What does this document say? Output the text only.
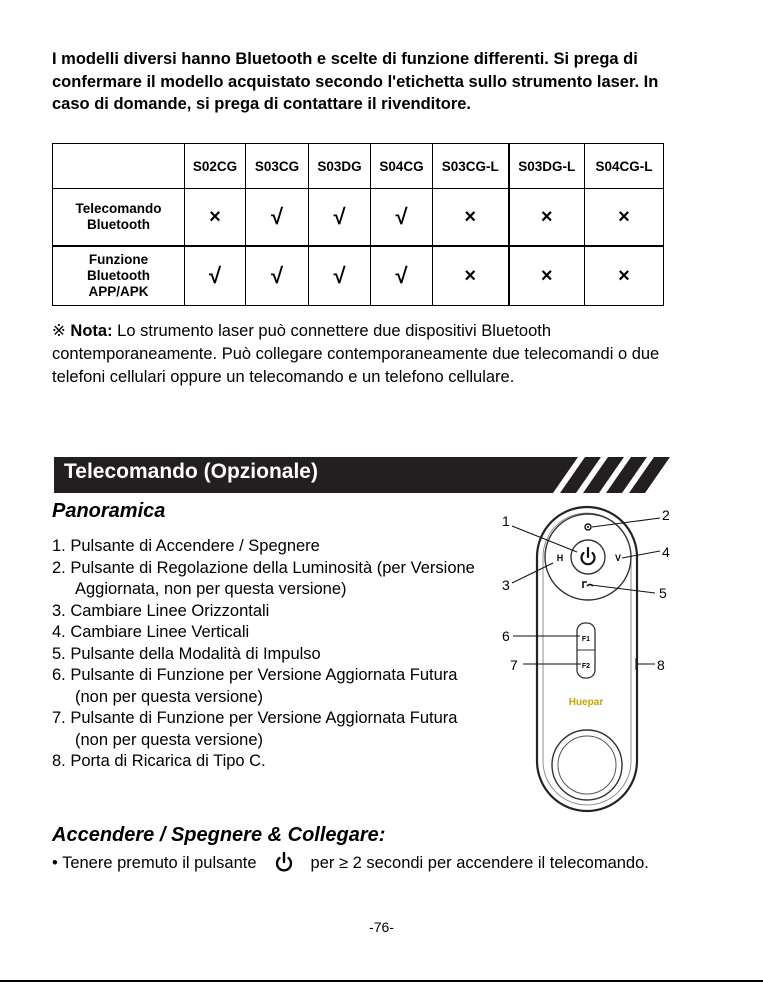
I modelli diversi hanno Bluetooth e scelte di funzione differenti. Si prega di confermare il modello acquistato secondo l'etichetta sullo strumento laser. In caso di domande, si prega di contattare il rivenditore.

	S02CG	S03CG	S03DG	S04CG	S03CG-L	S03DG-L	S04CG-L
Telecomando
Bluetooth	×	√	√	√	×	×	×
Funzione
Bluetooth
APP/APK	√	√	√	√	×	×	×

※ Nota: Lo strumento laser può connettere due dispositivi Bluetooth contemporaneamente. Può collegare contemporaneamente due telecomandi o due telefoni cellulari oppure un telecomando e un telefono cellulare.

Telecomando (Opzionale)
Panoramica
1. Pulsante di Accendere / Spegnere
2. Pulsante di Regolazione della Luminosità (per Versione Aggiornata, non per questa versione)
3. Cambiare Linee Orizzontali
4. Cambiare Linee Verticali
5. Pulsante della Modalità di Impulso
6. Pulsante di Funzione per Versione Aggiornata Futura (non per questa versione)
7. Pulsante di Funzione per Versione Aggiornata Futura (non per questa versione)
8. Porta di Ricarica di Tipo C.
H	V
F1
F2
Huepar
1	2
3
4
5
6
7	8
Accendere / Spegnere & Collegare:

• Tenere premuto il pulsante	per ≥ 2 secondi per accendere il telecomando.

-76-
